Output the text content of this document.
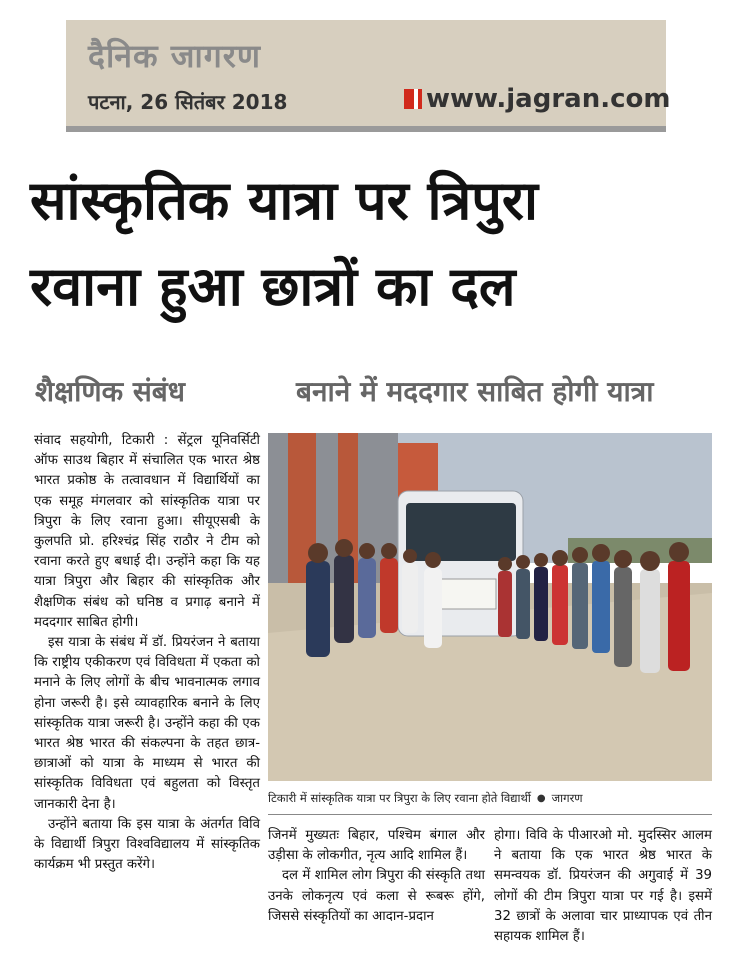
दैनिक जागरण
पटना, 26 सितंबर 2018	www.jagran.com
सांस्कृतिक यात्रा पर त्रिपुरा
रवाना हुआ छात्रों का दल
शैक्षणिक संबंध	बनाने में मददगार साबित होगी यात्रा

संवाद सहयोगी, टिकारी : सेंट्रल यूनिवर्सिटी ऑफ साउथ बिहार में संचालित एक भारत श्रेष्ठ भारत प्रकोष्ठ के तत्वावधान में विद्यार्थियों का एक समूह मंगलवार को सांस्कृतिक यात्रा पर त्रिपुरा के लिए रवाना हुआ। सीयूएसबी के कुलपति प्रो. हरिश्चंद्र सिंह राठौर ने टीम को रवाना करते हुए बधाई दी। उन्होंने कहा कि यह यात्रा त्रिपुरा और बिहार की सांस्कृतिक और शैक्षणिक संबंध को घनिष्ठ व प्रगाढ़ बनाने में मददगार साबित होगी।

इस यात्रा के संबंध में डॉ. प्रियरंजन ने बताया कि राष्ट्रीय एकीकरण एवं विविधता में एकता को मनाने के लिए लोगों के बीच भावनात्मक लगाव होना जरूरी है। इसे व्यावहारिक बनाने के लिए सांस्कृतिक यात्रा जरूरी है। उन्होंने कहा की एक भारत श्रेष्ठ भारत की संकल्पना के तहत छात्र-छात्राओं को यात्रा के माध्यम से भारत की सांस्कृतिक विविधता एवं बहुलता को विस्तृत जानकारी देना है।

उन्होंने बताया कि इस यात्रा के अंतर्गत विवि के विद्यार्थी त्रिपुरा विश्वविद्यालय में सांस्कृतिक कार्यक्रम भी प्रस्तुत करेंगे।

टिकारी में सांस्कृतिक यात्रा पर त्रिपुरा के लिए रवाना होते विद्यार्थी ● जागरण

जिनमें मुख्यतः बिहार, पश्चिम बंगाल और उड़ीसा के लोकगीत, नृत्य आदि शामिल हैं।

दल में शामिल लोग त्रिपुरा की संस्कृति तथा उनके लोकनृत्य एवं कला से रूबरू होंगे, जिससे संस्कृतियों का आदान-प्रदान

होगा। विवि के पीआरओ मो. मुदस्सिर आलम ने बताया कि एक भारत श्रेष्ठ भारत के समन्वयक डॉ. प्रियरंजन की अगुवाई में 39 लोगों की टीम त्रिपुरा यात्रा पर गई है। इसमें 32 छात्रों के अलावा चार प्राध्यापक एवं तीन सहायक शामिल हैं।
